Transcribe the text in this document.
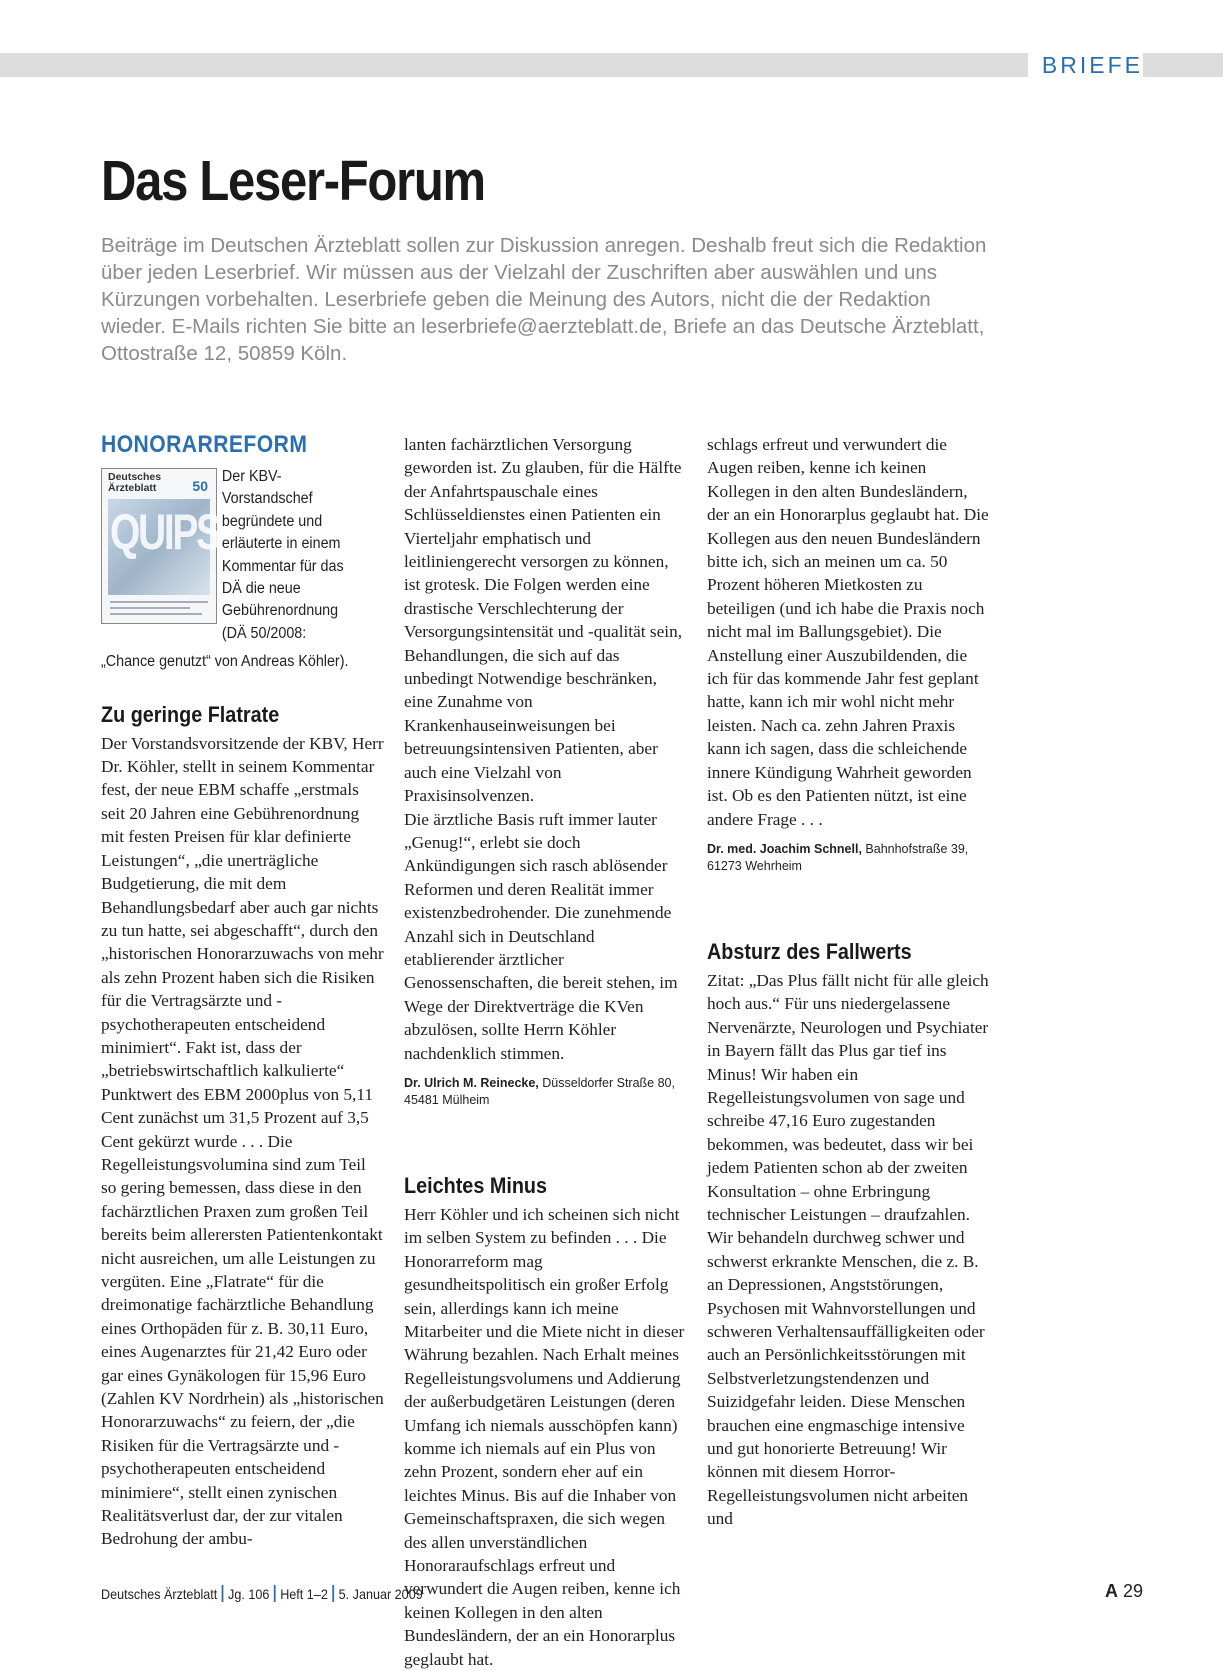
BRIEFE
Das Leser-Forum

Beiträge im Deutschen Ärzteblatt sollen zur Diskussion anregen. Deshalb freut sich die Redaktion über jeden Leserbrief. Wir müssen aus der Vielzahl der Zuschriften aber auswählen und uns Kürzungen vorbehalten. Leserbriefe geben die Meinung des Autors, nicht die der Redaktion wieder. E-Mails richten Sie bitte an leserbriefe@aerzteblatt.de, Briefe an das Deutsche Ärzteblatt, Ottostraße 12, 50859 Köln.

HONORARREFORM
Deutsches
Ärzteblatt	50
QUIPS
Der KBV-Vorstandschef begründete und erläuterte in einem Kommentar für das DÄ die neue Gebührenordnung (DÄ 50/2008:
„Chance genutzt“ von Andreas Köhler).
Zu geringe Flatrate

Der Vorstandsvorsitzende der KBV, Herr Dr. Köhler, stellt in seinem Kommentar fest, der neue EBM schaffe „erstmals seit 20 Jahren eine Gebührenordnung mit festen Preisen für klar definierte Leistungen“, „die unerträgliche Budgetierung, die mit dem Behandlungsbedarf aber auch gar nichts zu tun hatte, sei abgeschafft“, durch den „historischen Honorarzuwachs von mehr als zehn Prozent haben sich die Risiken für die Vertragsärzte und -psychotherapeuten entscheidend minimiert“. Fakt ist, dass der „betriebswirtschaftlich kalkulierte“ Punktwert des EBM 2000plus von 5,11 Cent zunächst um 31,5 Prozent auf 3,5 Cent gekürzt wurde . . . Die Regelleistungsvolumina sind zum Teil so gering bemessen, dass diese in den fachärztlichen Praxen zum großen Teil bereits beim allerersten Patientenkontakt nicht ausreichen, um alle Leistungen zu vergüten. Eine „Flatrate“ für die dreimonatige fachärztliche Behandlung eines Orthopäden für z. B. 30,11 Euro, eines Augenarztes für 21,42 Euro oder gar eines Gynäkologen für 15,96 Euro (Zahlen KV Nordrhein) als „historischen Honorarzuwachs“ zu feiern, der „die Risiken für die Vertragsärzte und -psychotherapeuten entscheidend minimiere“, stellt einen zynischen Realitätsverlust dar, der zur vitalen Bedrohung der ambu-

lanten fachärztlichen Versorgung geworden ist. Zu glauben, für die Hälfte der Anfahrtspauschale eines Schlüsseldienstes einen Patienten ein Vierteljahr emphatisch und leitliniengerecht versorgen zu können, ist grotesk. Die Folgen werden eine drastische Verschlechterung der Versorgungsintensität und -qualität sein, Behandlungen, die sich auf das unbedingt Notwendige beschränken, eine Zunahme von Krankenhauseinweisungen bei betreuungsintensiven Patienten, aber auch eine Vielzahl von Praxisinsolvenzen.

Die ärztliche Basis ruft immer lauter „Genug!“, erlebt sie doch Ankündigungen sich rasch ablösender Reformen und deren Realität immer existenzbedrohender. Die zunehmende Anzahl sich in Deutschland etablierender ärztlicher Genossenschaften, die bereit stehen, im Wege der Direktverträge die KVen abzulösen, sollte Herrn Köhler nachdenklich stimmen.

Dr. Ulrich M. Reinecke, Düsseldorfer Straße 80, 45481 Mülheim
Leichtes Minus

Herr Köhler und ich scheinen sich nicht im selben System zu befinden . . . Die Honorarreform mag gesundheitspolitisch ein großer Erfolg sein, allerdings kann ich meine Mitarbeiter und die Miete nicht in dieser Währung bezahlen. Nach Erhalt meines Regelleistungsvolumens und Addierung der außerbudgetären Leistungen (deren Umfang ich niemals ausschöpfen kann) komme ich niemals auf ein Plus von zehn Prozent, sondern eher auf ein leichtes Minus. Bis auf die Inhaber von Gemeinschaftspraxen, die sich wegen des allen unverständlichen Honoraraufschlags erfreut und verwundert die Augen reiben, kenne ich keinen Kollegen in den alten Bundesländern, der an ein Honorarplus geglaubt hat.

schlags erfreut und verwundert die Augen reiben, kenne ich keinen Kollegen in den alten Bundesländern, der an ein Honorarplus geglaubt hat. Die Kollegen aus den neuen Bundesländern bitte ich, sich an meinen um ca. 50 Prozent höheren Mietkosten zu beteiligen (und ich habe die Praxis noch nicht mal im Ballungsgebiet). Die Anstellung einer Auszubildenden, die ich für das kommende Jahr fest geplant hatte, kann ich mir wohl nicht mehr leisten. Nach ca. zehn Jahren Praxis kann ich sagen, dass die schleichende innere Kündigung Wahrheit geworden ist. Ob es den Patienten nützt, ist eine andere Frage . . .

Dr. med. Joachim Schnell, Bahnhofstraße 39, 61273 Wehrheim
Absturz des Fallwerts

Zitat: „Das Plus fällt nicht für alle gleich hoch aus.“ Für uns niedergelassene Nervenärzte, Neurologen und Psychiater in Bayern fällt das Plus gar tief ins Minus! Wir haben ein Regelleistungsvolumen von sage und schreibe 47,16 Euro zugestanden bekommen, was bedeutet, dass wir bei jedem Patienten schon ab der zweiten Konsultation – ohne Erbringung technischer Leistungen – draufzahlen. Wir behandeln durchweg schwer und schwerst erkrankte Menschen, die z. B. an Depressionen, Angststörungen, Psychosen mit Wahnvorstellungen und schweren Verhaltensauffälligkeiten oder auch an Persönlichkeitsstörungen mit Selbstverletzungstendenzen und Suizidgefahr leiden. Diese Menschen brauchen eine engmaschige intensive und gut honorierte Betreuung! Wir können mit diesem Horror-Regelleistungsvolumen nicht arbeiten und

Deutsches Ärzteblatt Jg. 106 Heft 1–2 5. Januar 2009	A 29
